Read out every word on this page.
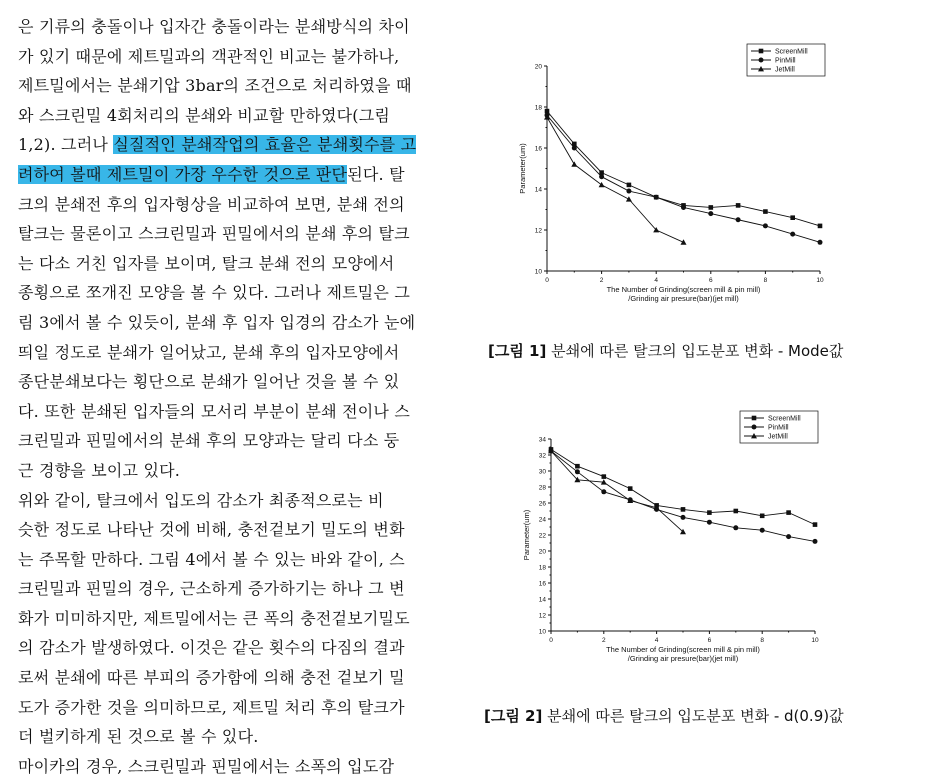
은 기류의 충돌이나 입자간 충돌이라는 분쇄방식의 차이
가 있기 때문에 제트밀과의 객관적인 비교는 불가하나,
제트밀에서는 분쇄기압 3bar의 조건으로 처리하였을 때
와 스크린밀 4회처리의 분쇄와 비교할 만하였다(그림
1,2). 그러나 실질적인 분쇄작업의 효율은 분쇄횟수를 고
려하여 볼때 제트밀이 가장 우수한 것으로 판단된다. 탈
크의 분쇄전 후의 입자형상을 비교하여 보면, 분쇄 전의
탈크는 물론이고 스크린밀과 핀밀에서의 분쇄 후의 탈크
는 다소 거친 입자를 보이며, 탈크 분쇄 전의 모양에서
종횡으로 쪼개진 모양을 볼 수 있다. 그러나 제트밀은 그
림 3에서 볼 수 있듯이, 분쇄 후 입자 입경의 감소가 눈에
띄일 정도로 분쇄가 일어났고, 분쇄 후의 입자모양에서
종단분쇄보다는 횡단으로 분쇄가 일어난 것을 볼 수 있
다. 또한 분쇄된 입자들의 모서리 부분이 분쇄 전이나 스
크린밀과 핀밀에서의 분쇄 후의 모양과는 달리 다소 둥
근 경향을 보이고 있다.
위와 같이, 탈크에서 입도의 감소가 최종적으로는 비
슷한 정도로 나타난 것에 비해, 충전겉보기 밀도의 변화
는 주목할 만하다. 그림 4에서 볼 수 있는 바와 같이, 스
크린밀과 핀밀의 경우, 근소하게 증가하기는 하나 그 변
화가 미미하지만, 제트밀에서는 큰 폭의 충전겉보기밀도
의 감소가 발생하였다. 이것은 같은 횟수의 다짐의 결과
로써 분쇄에 따른 부피의 증가함에 의해 충전 겉보기 밀
도가 증가한 것을 의미하므로, 제트밀 처리 후의 탈크가
더 벌키하게 된 것으로 볼 수 있다.
마이카의 경우, 스크린밀과 핀밀에서는 소폭의 입도감
10
12
14
16
18
20
0	2	4	6	8	10
Parameter(um)
The Number of Grinding(screen mill & pin mill)
/Grinding air presure(bar)(jet mill)
ScreenMill
PinMill
JetMill
[그림 1] 분쇄에 따른 탈크의 입도분포 변화 - Mode값
10
12
14
16
18
20
22
24
26
28
30
32
34
0	2	4	6	8	10
Parameter(um)
The Number of Grinding(screen mill & pin mill)
/Grinding air presure(bar)(jet mill)
ScreenMill
PinMill
JetMill
[그림 2] 분쇄에 따른 탈크의 입도분포 변화 - d(0.9)값
